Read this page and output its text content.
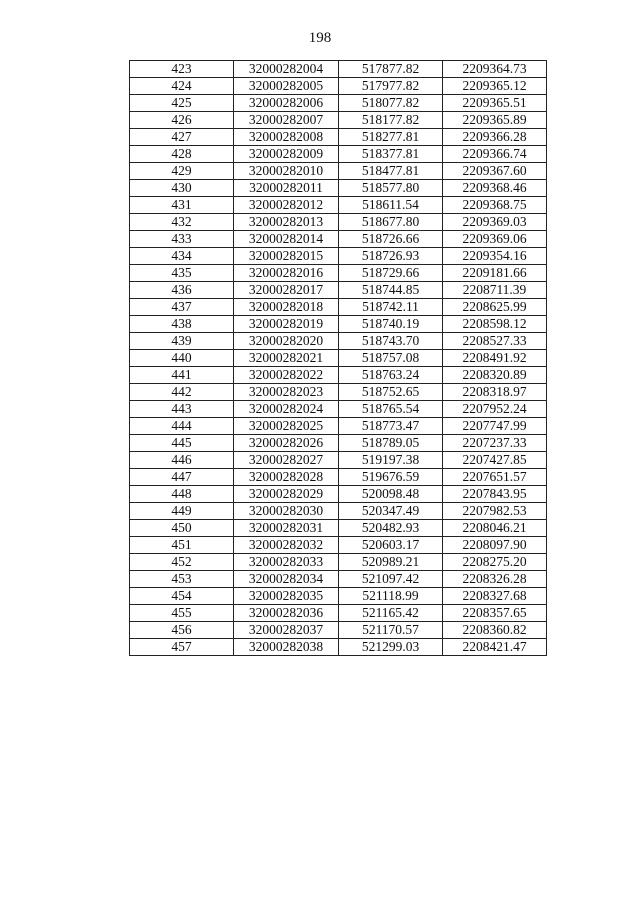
198
423	32000282004	517877.82	2209364.73
424	32000282005	517977.82	2209365.12
425	32000282006	518077.82	2209365.51
426	32000282007	518177.82	2209365.89
427	32000282008	518277.81	2209366.28
428	32000282009	518377.81	2209366.74
429	32000282010	518477.81	2209367.60
430	32000282011	518577.80	2209368.46
431	32000282012	518611.54	2209368.75
432	32000282013	518677.80	2209369.03
433	32000282014	518726.66	2209369.06
434	32000282015	518726.93	2209354.16
435	32000282016	518729.66	2209181.66
436	32000282017	518744.85	2208711.39
437	32000282018	518742.11	2208625.99
438	32000282019	518740.19	2208598.12
439	32000282020	518743.70	2208527.33
440	32000282021	518757.08	2208491.92
441	32000282022	518763.24	2208320.89
442	32000282023	518752.65	2208318.97
443	32000282024	518765.54	2207952.24
444	32000282025	518773.47	2207747.99
445	32000282026	518789.05	2207237.33
446	32000282027	519197.38	2207427.85
447	32000282028	519676.59	2207651.57
448	32000282029	520098.48	2207843.95
449	32000282030	520347.49	2207982.53
450	32000282031	520482.93	2208046.21
451	32000282032	520603.17	2208097.90
452	32000282033	520989.21	2208275.20
453	32000282034	521097.42	2208326.28
454	32000282035	521118.99	2208327.68
455	32000282036	521165.42	2208357.65
456	32000282037	521170.57	2208360.82
457	32000282038	521299.03	2208421.47
